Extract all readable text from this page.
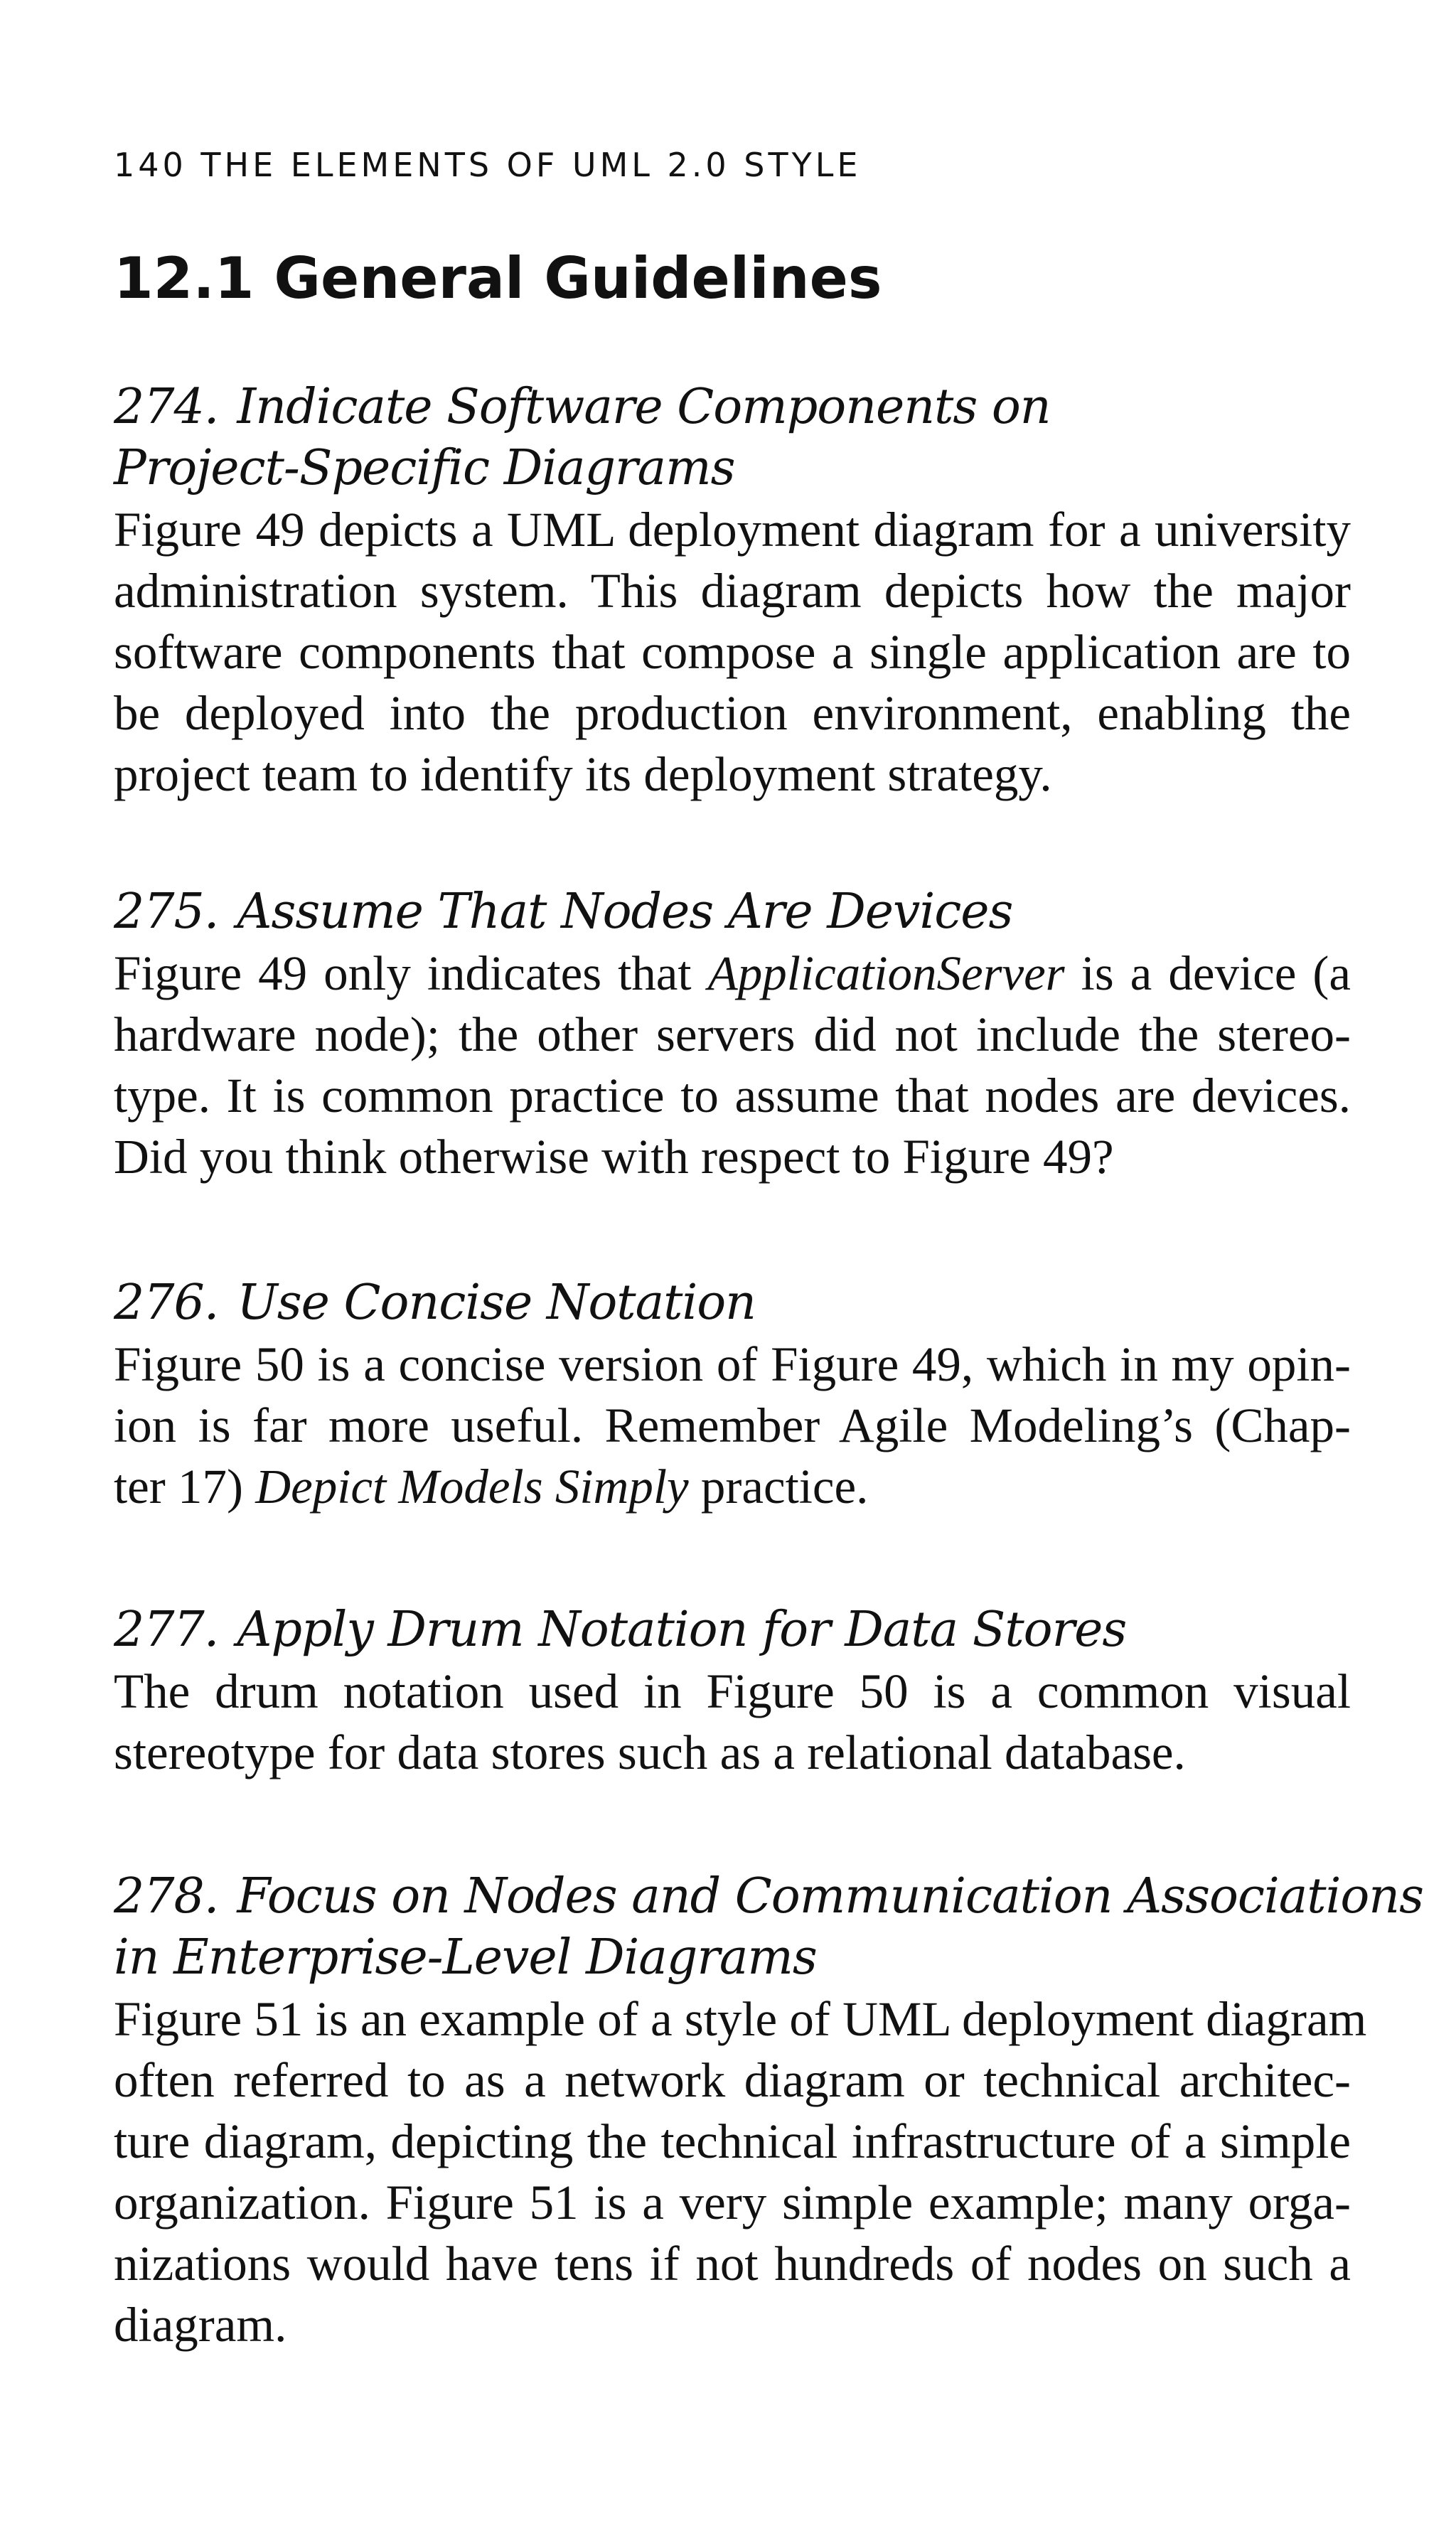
140 THE ELEMENTS OF UML 2.0 STYLE
12.1 General Guidelines
274. Indicate Software Components on
Project-Specific Diagrams

Figure 49 depicts a UML deployment diagram for a university
administration system. This diagram depicts how the major
software components that compose a single application are to
be deployed into the production environment, enabling the
project team to identify its deployment strategy.

275. Assume That Nodes Are Devices

Figure 49 only indicates that ApplicationServer is a device (a
hardware node); the other servers did not include the stereo-
type. It is common practice to assume that nodes are devices.
Did you think otherwise with respect to Figure 49?

276. Use Concise Notation

Figure 50 is a concise version of Figure 49, which in my opin-
ion is far more useful. Remember Agile Modeling’s (Chap-
ter 17) Depict Models Simply practice.

277. Apply Drum Notation for Data Stores

The drum notation used in Figure 50 is a common visual
stereotype for data stores such as a relational database.

278. Focus on Nodes and Communication Associations
in Enterprise-Level Diagrams

Figure 51 is an example of a style of UML deployment diagram
often referred to as a network diagram or technical architec-
ture diagram, depicting the technical infrastructure of a simple
organization. Figure 51 is a very simple example; many orga-
nizations would have tens if not hundreds of nodes on such a
diagram.
